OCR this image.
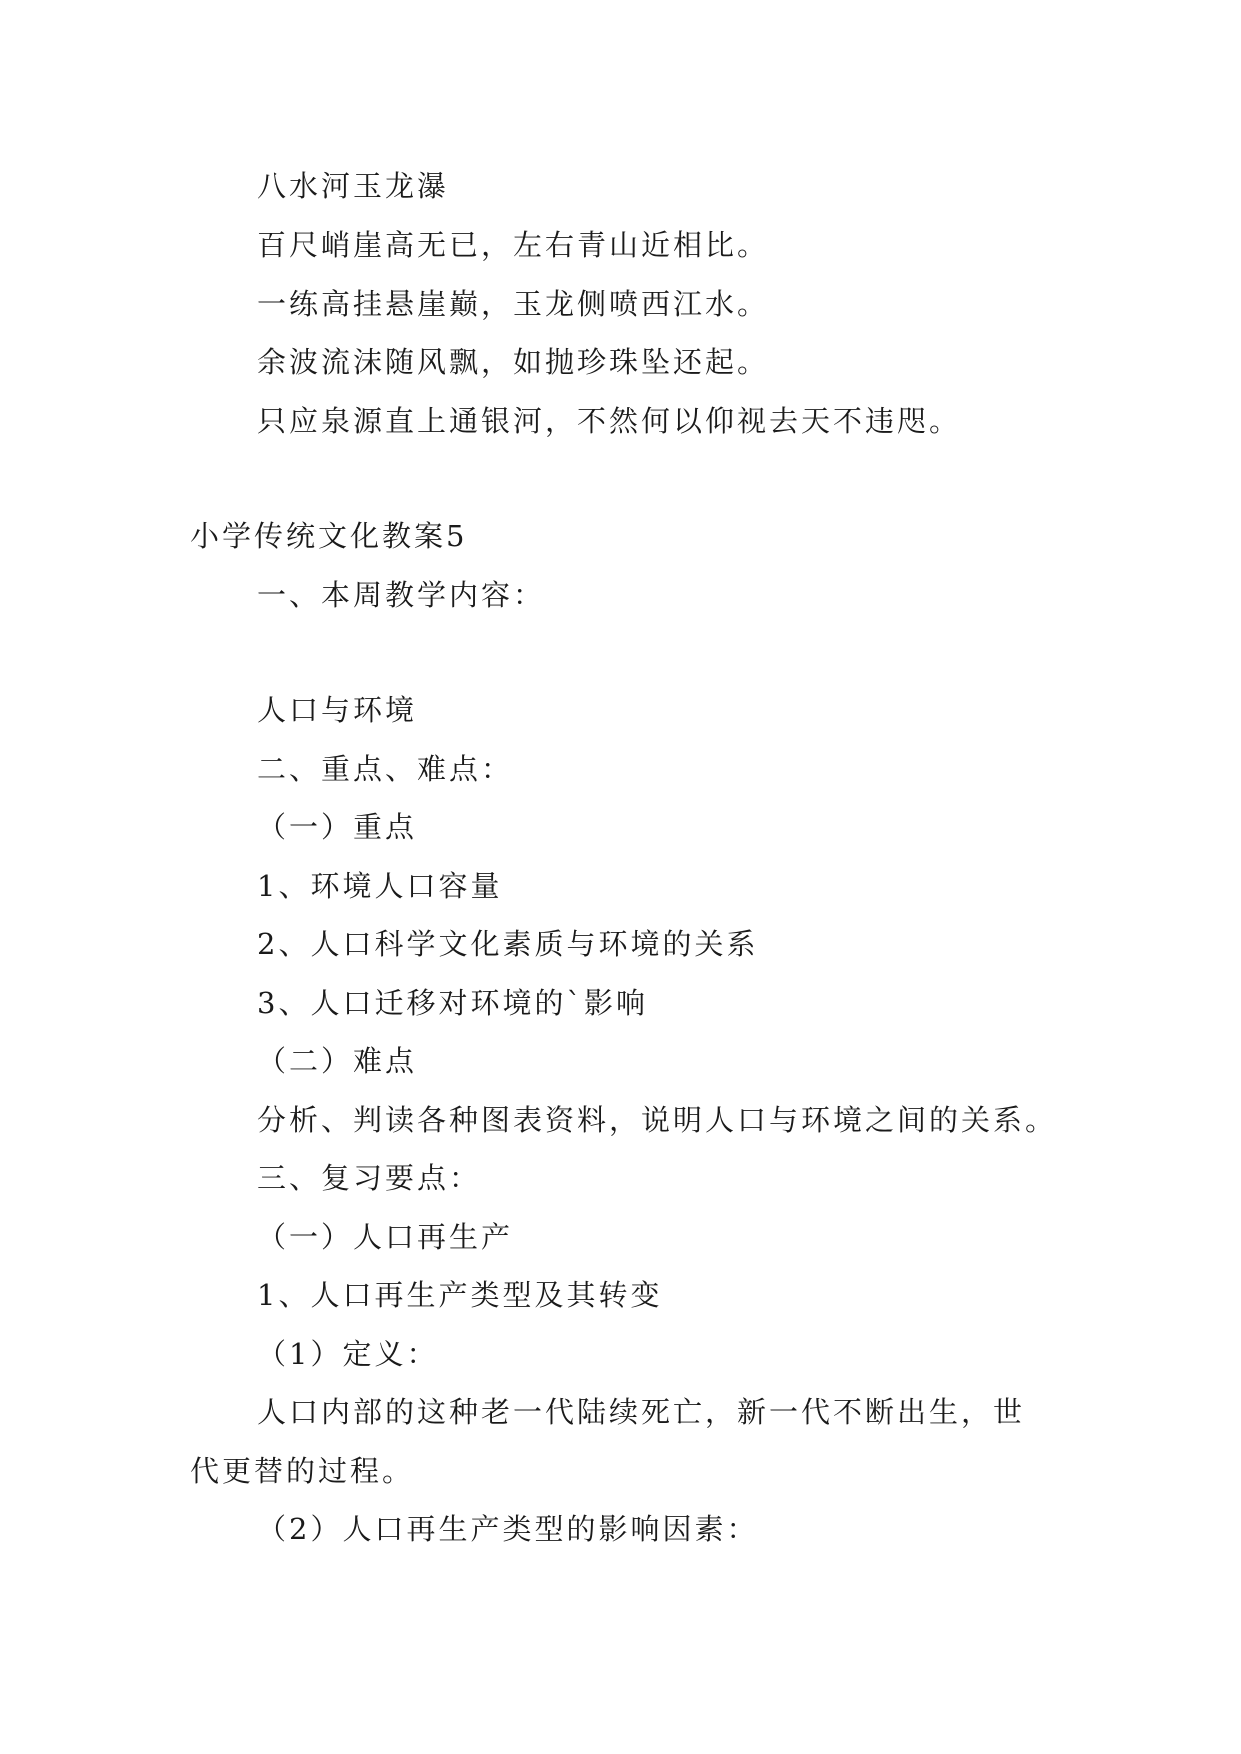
八水河玉龙瀑
百尺峭崖高无已，左右青山近相比。
一练高挂悬崖巅，玉龙侧喷西江水。
余波流沫随风飘，如抛珍珠坠还起。
只应泉源直上通银河，不然何以仰视去天不违咫。
小学传统文化教案5
一、本周教学内容：
人口与环境
二、重点、难点：
（一）重点
1、环境人口容量
2、人口科学文化素质与环境的关系
3、人口迁移对环境的`影响
（二）难点
分析、判读各种图表资料，说明人口与环境之间的关系。
三、复习要点：
（一）人口再生产
1、人口再生产类型及其转变
（1）定义：
人口内部的这种老一代陆续死亡，新一代不断出生，世
代更替的过程。
（2）人口再生产类型的影响因素：
